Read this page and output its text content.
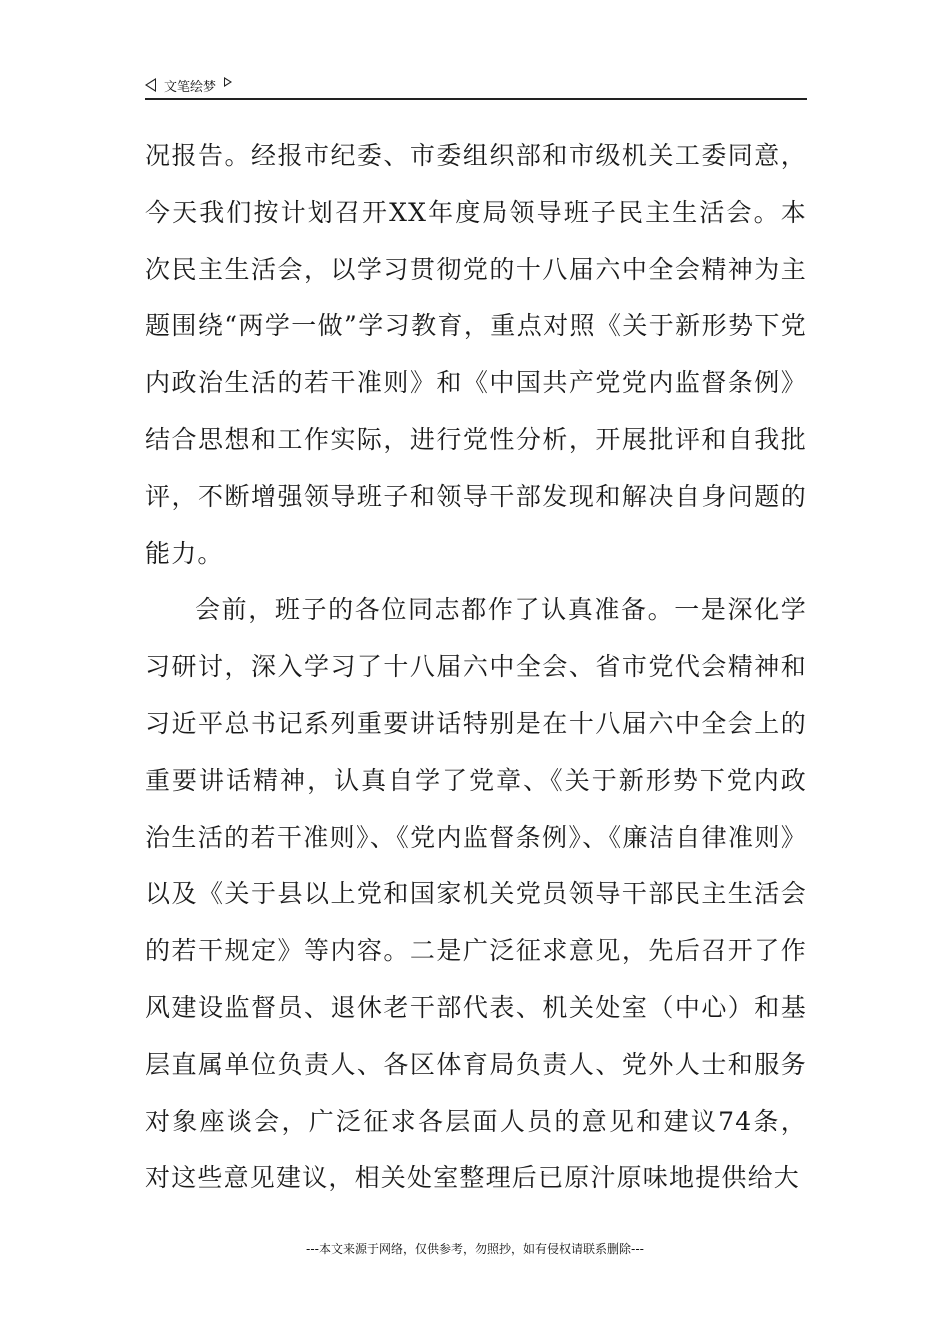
文笔绘梦

况报告。经报市纪委、市委组织部和市级机关工委同意，今天我们按计划召开XX年度局领导班子民主生活会。本次民主生活会，以学习贯彻党的十八届六中全会精神为主题围绕“两学一做”学习教育，重点对照《关于新形势下党内政治生活的若干准则》和《中国共产党党内监督条例》结合思想和工作实际，进行党性分析，开展批评和自我批评，不断增强领导班子和领导干部发现和解决自身问题的能力。

会前，班子的各位同志都作了认真准备。一是深化学习研讨，深入学习了十八届六中全会、省市党代会精神和习近平总书记系列重要讲话特别是在十八届六中全会上的重要讲话精神，认真自学了党章、《关于新形势下党内政治生活的若干准则》、《党内监督条例》、《廉洁自律准则》以及《关于县以上党和国家机关党员领导干部民主生活会的若干规定》等内容。二是广泛征求意见，先后召开了作风建设监督员、退休老干部代表、机关处室（中心）和基层直属单位负责人、各区体育局负责人、党外人士和服务对象座谈会，广泛征求各层面人员的意见和建议74条，对这些意见建议，相关处室整理后已原汁原味地提供给大

---本文来源于网络，仅供参考，勿照抄，如有侵权请联系删除---
